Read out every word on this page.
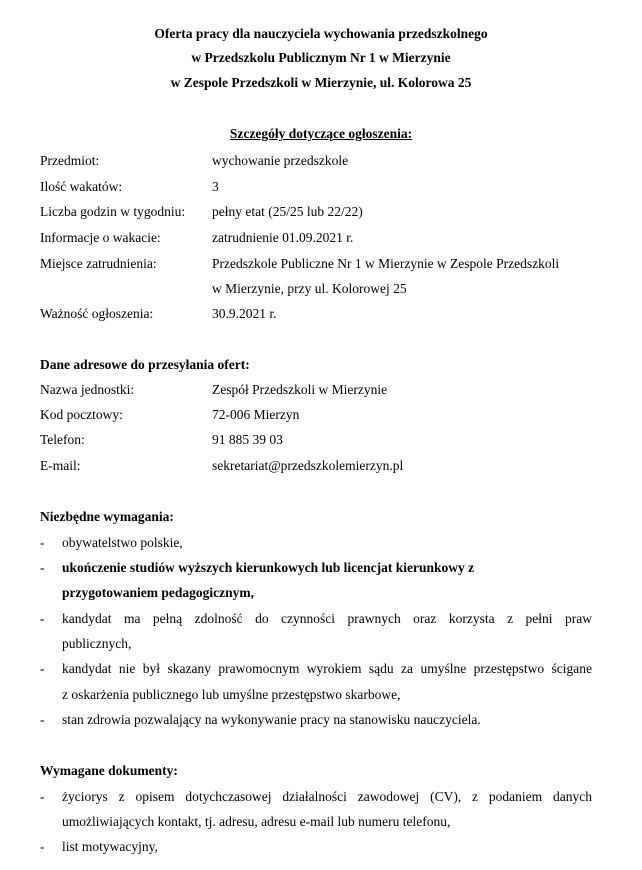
Oferta pracy dla nauczyciela wychowania przedszkolnego
w Przedszkolu Publicznym Nr 1 w Mierzynie
w Zespole Przedszkoli w Mierzynie, ul. Kolorowa 25
Szczegóły dotyczące ogłoszenia:
Przedmiot:	wychowanie przedszkole
Ilość wakatów:	3
Liczba godzin w tygodniu: pełny etat (25/25 lub 22/22)
Informacje o wakacie:	zatrudnienie 01.09.2021 r.
Miejsce zatrudnienia:	Przedszkole Publiczne Nr 1 w Mierzynie w Zespole Przedszkoli
w Mierzynie, przy ul. Kolorowej 25
Ważność ogłoszenia:	30.9.2021 r.
Dane adresowe do przesyłania ofert:
Nazwa jednostki:	Zespół Przedszkoli w Mierzynie
Kod pocztowy:	72-006 Mierzyn
Telefon:	91 885 39 03
E-mail:	sekretariat@przedszkolemierzyn.pl
Niezbędne wymagania:
- obywatelstwo polskie,
- ukończenie studiów wyższych kierunkowych lub licencjat kierunkowy z
przygotowaniem pedagogicznym,
- kandydat ma pełną zdolność do czynności prawnych oraz korzysta z pełni praw
publicznych,
- kandydat nie był skazany prawomocnym wyrokiem sądu za umyślne przestępstwo ścigane
z oskarżenia publicznego lub umyślne przestępstwo skarbowe,
- stan zdrowia pozwalający na wykonywanie pracy na stanowisku nauczyciela.
Wymagane dokumenty:
- życiorys z opisem dotychczasowej działalności zawodowej (CV), z podaniem danych
umożliwiających kontakt, tj. adresu, adresu e-mail lub numeru telefonu,
- list motywacyjny,
